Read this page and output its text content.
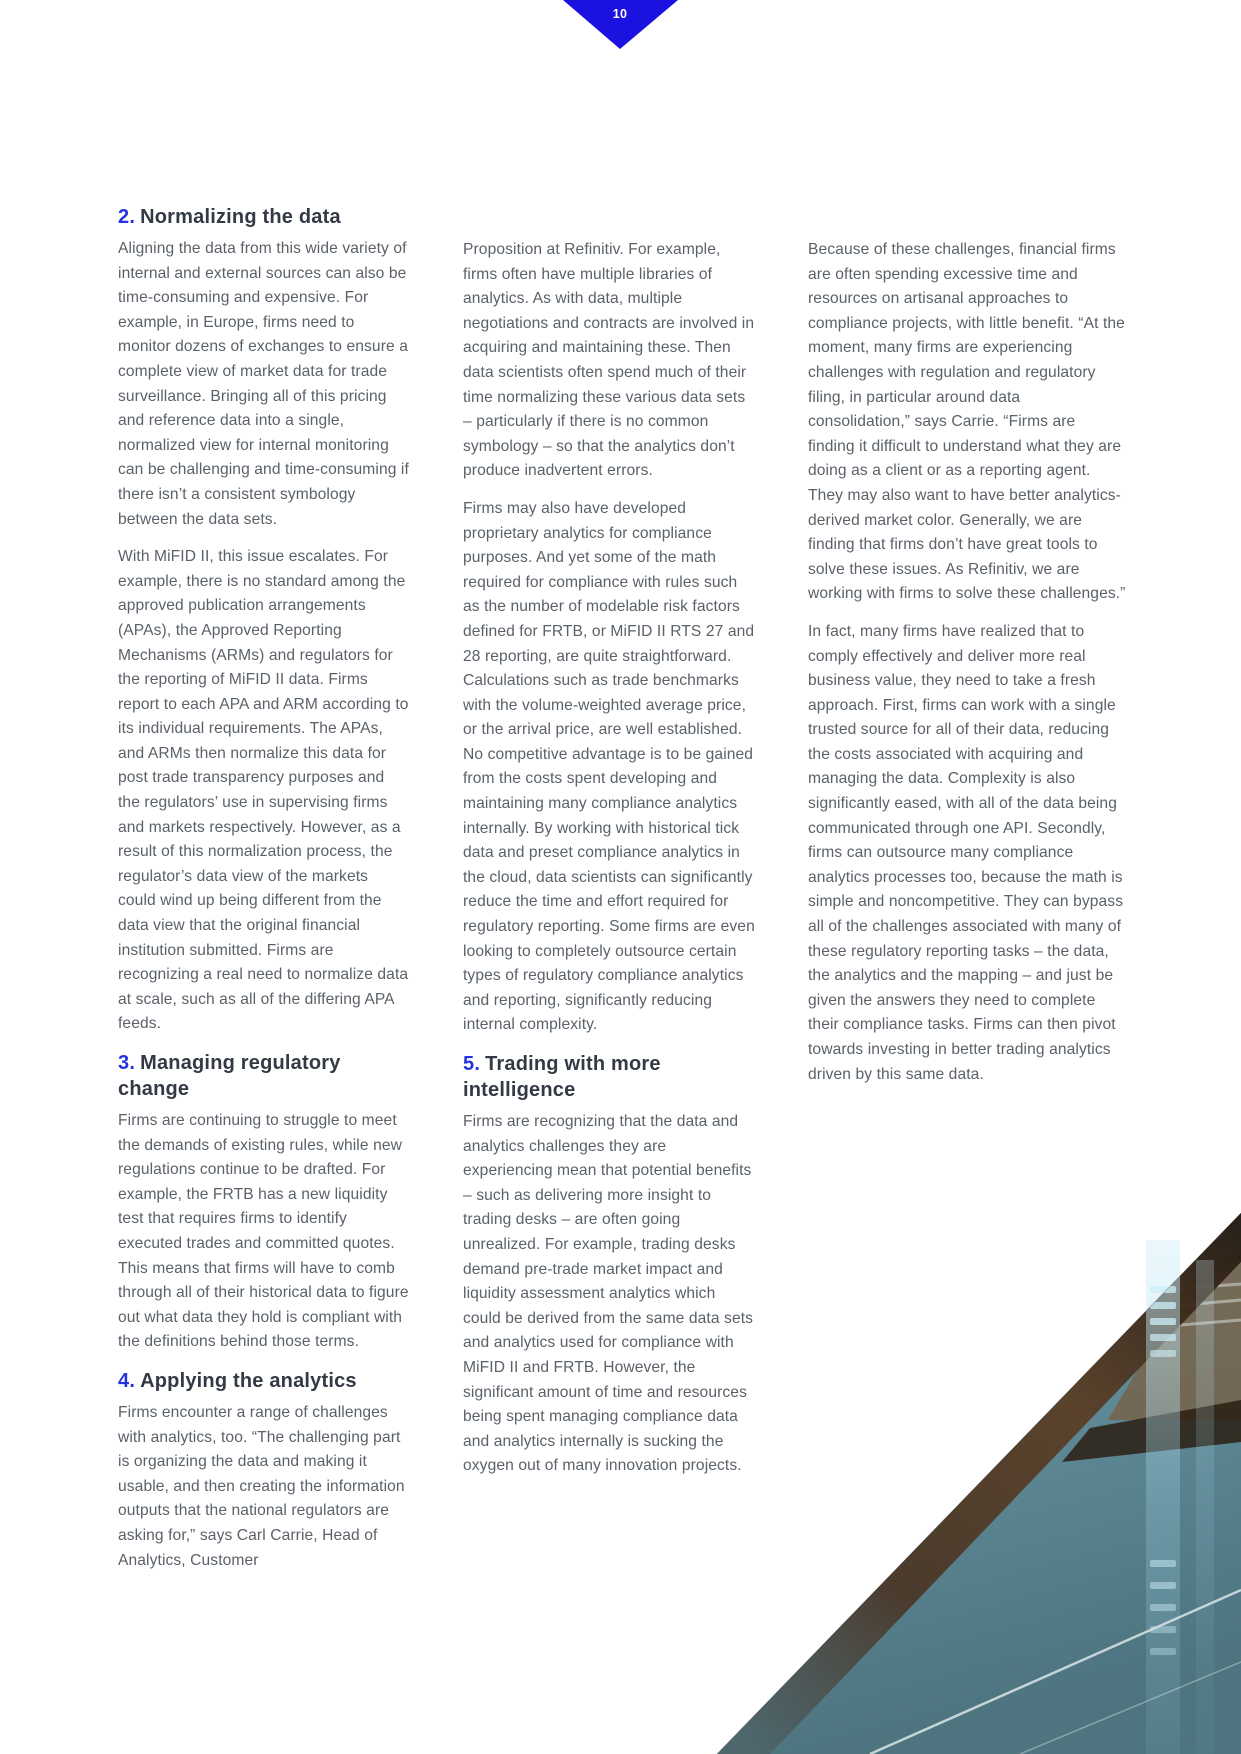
10
2. Normalizing the data

Aligning the data from this wide variety of internal and external sources can also be time-consuming and expensive. For example, in Europe, firms need to monitor dozens of exchanges to ensure a complete view of market data for trade surveillance. Bringing all of this pricing and reference data into a single, normalized view for internal monitoring can be challenging and time-consuming if there isn’t a consistent symbology between the data sets.

With MiFID II, this issue escalates. For example, there is no standard among the approved publication arrangements (APAs), the Approved Reporting Mechanisms (ARMs) and regulators for the reporting of MiFID II data. Firms report to each APA and ARM according to its individual requirements. The APAs, and ARMs then normalize this data for post trade transparency purposes and the regulators’ use in supervising firms and markets respectively. However, as a result of this normalization process, the regulator’s data view of the markets could wind up being different from the data view that the original financial institution submitted. Firms are recognizing a real need to normalize data at scale, such as all of the differing APA feeds.

3. Managing regulatory change

Firms are continuing to struggle to meet the demands of existing rules, while new regulations continue to be drafted. For example, the FRTB has a new liquidity test that requires firms to identify executed trades and committed quotes. This means that firms will have to comb through all of their historical data to figure out what data they hold is compliant with the definitions behind those terms.

4. Applying the analytics

Firms encounter a range of challenges with analytics, too. “The challenging part is organizing the data and making it usable, and then creating the information outputs that the national regulators are asking for,” says Carl Carrie, Head of Analytics, Customer

Proposition at Refinitiv. For example, firms often have multiple libraries of analytics. As with data, multiple negotiations and contracts are involved in acquiring and maintaining these. Then data scientists often spend much of their time normalizing these various data sets – particularly if there is no common symbology – so that the analytics don’t produce inadvertent errors.

Firms may also have developed proprietary analytics for compliance purposes. And yet some of the math required for compliance with rules such as the number of modelable risk factors defined for FRTB, or MiFID II RTS 27 and 28 reporting, are quite straightforward. Calculations such as trade benchmarks with the volume-weighted average price, or the arrival price, are well established. No competitive advantage is to be gained from the costs spent developing and maintaining many compliance analytics internally. By working with historical tick data and preset compliance analytics in the cloud, data scientists can significantly reduce the time and effort required for regulatory reporting. Some firms are even looking to completely outsource certain types of regulatory compliance analytics and reporting, significantly reducing internal complexity.

5. Trading with more intelligence

Firms are recognizing that the data and analytics challenges they are experiencing mean that potential benefits – such as delivering more insight to trading desks – are often going unrealized. For example, trading desks demand pre-trade market impact and liquidity assessment analytics which could be derived from the same data sets and analytics used for compliance with MiFID II and FRTB. However, the significant amount of time and resources being spent managing compliance data and analytics internally is sucking the oxygen out of many innovation projects.

Because of these challenges, financial firms are often spending excessive time and resources on artisanal approaches to compliance projects, with little benefit. “At the moment, many firms are experiencing challenges with regulation and regulatory filing, in particular around data consolidation,” says Carrie. “Firms are finding it difficult to understand what they are doing as a client or as a reporting agent. They may also want to have better analytics-derived market color. Generally, we are finding that firms don’t have great tools to solve these issues. As Refinitiv, we are working with firms to solve these challenges.”

In fact, many firms have realized that to comply effectively and deliver more real business value, they need to take a fresh approach. First, firms can work with a single trusted source for all of their data, reducing the costs associated with acquiring and managing the data. Complexity is also significantly eased, with all of the data being communicated through one API. Secondly, firms can outsource many compliance analytics processes too, because the math is simple and noncompetitive. They can bypass all of the challenges associated with many of these regulatory reporting tasks – the data, the analytics and the mapping – and just be given the answers they need to complete their compliance tasks. Firms can then pivot towards investing in better trading analytics driven by this same data.
